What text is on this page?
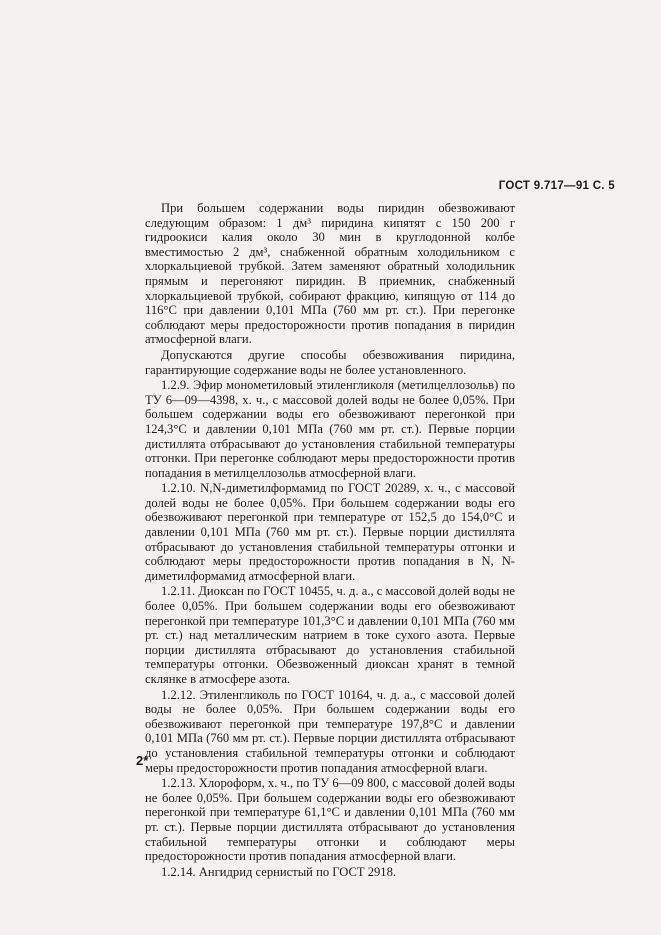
ГОСТ 9.717—91 С. 5

При большем содержании воды пиридин обезвоживают следующим образом: 1 дм³ пиридина кипятят с 150 200 г гидроокиси калия около 30 мин в круглодонной колбе вместимостью 2 дм³, снабженной обратным холодильником с хлоркальциевой трубкой. Затем заменяют обратный холодильник прямым и перегоняют пиридин. В приемник, снабженный хлоркальциевой трубкой, собирают фракцию, кипящую от 114 до 116°С при давлении 0,101 МПа (760 мм рт. ст.). При перегонке соблюдают меры предосторожности против попадания в пиридин атмосферной влаги.

Допускаются другие способы обезвоживания пиридина, гарантирующие содержание воды не более установленного.

1.2.9. Эфир монометиловый этиленгликоля (метилцеллозольв) по ТУ 6—09—4398, х. ч., с массовой долей воды не более 0,05%. При большем содержании воды его обезвоживают перегонкой при 124,3°С и давлении 0,101 МПа (760 мм рт. ст.). Первые порции дистиллята отбрасывают до установления стабильной температуры отгонки. При перегонке соблюдают меры предосторожности против попадания в метилцеллозольв атмосферной влаги.

1.2.10. N,N-диметилформамид по ГОСТ 20289, х. ч., с массовой долей воды не более 0,05%. При большем содержании воды его обезвоживают перегонкой при температуре от 152,5 до 154,0°С и давлении 0,101 МПа (760 мм рт. ст.). Первые порции дистиллята отбрасывают до установления стабильной температуры отгонки и соблюдают меры предосторожности против попадания в N, N-диметилформамид атмосферной влаги.

1.2.11. Диоксан по ГОСТ 10455, ч. д. а., с массовой долей воды не более 0,05%. При большем содержании воды его обезвоживают перегонкой при температуре 101,3°С и давлении 0,101 МПа (760 мм рт. ст.) над металлическим натрием в токе сухого азота. Первые порции дистиллята отбрасывают до установления стабильной температуры отгонки. Обезвоженный диоксан хранят в темной склянке в атмосфере азота.

1.2.12. Этиленгликоль по ГОСТ 10164, ч. д. а., с массовой долей воды не более 0,05%. При большем содержании воды его обезвоживают перегонкой при температуре 197,8°С и давлении 0,101 МПа (760 мм рт. ст.). Первые порции дистиллята отбрасывают до установления стабильной температуры отгонки и соблюдают меры предосторожности против попадания атмосферной влаги.

1.2.13. Хлороформ, х. ч., по ТУ 6—09 800, с массовой долей воды не более 0,05%. При большем содержании воды его обезвоживают перегонкой при температуре 61,1°С и давлении 0,101 МПа (760 мм рт. ст.). Первые порции дистиллята отбрасывают до установления стабильной температуры отгонки и соблюдают меры предосторожности против попадания атмосферной влаги.

1.2.14. Ангидрид сернистый по ГОСТ 2918.

2*
